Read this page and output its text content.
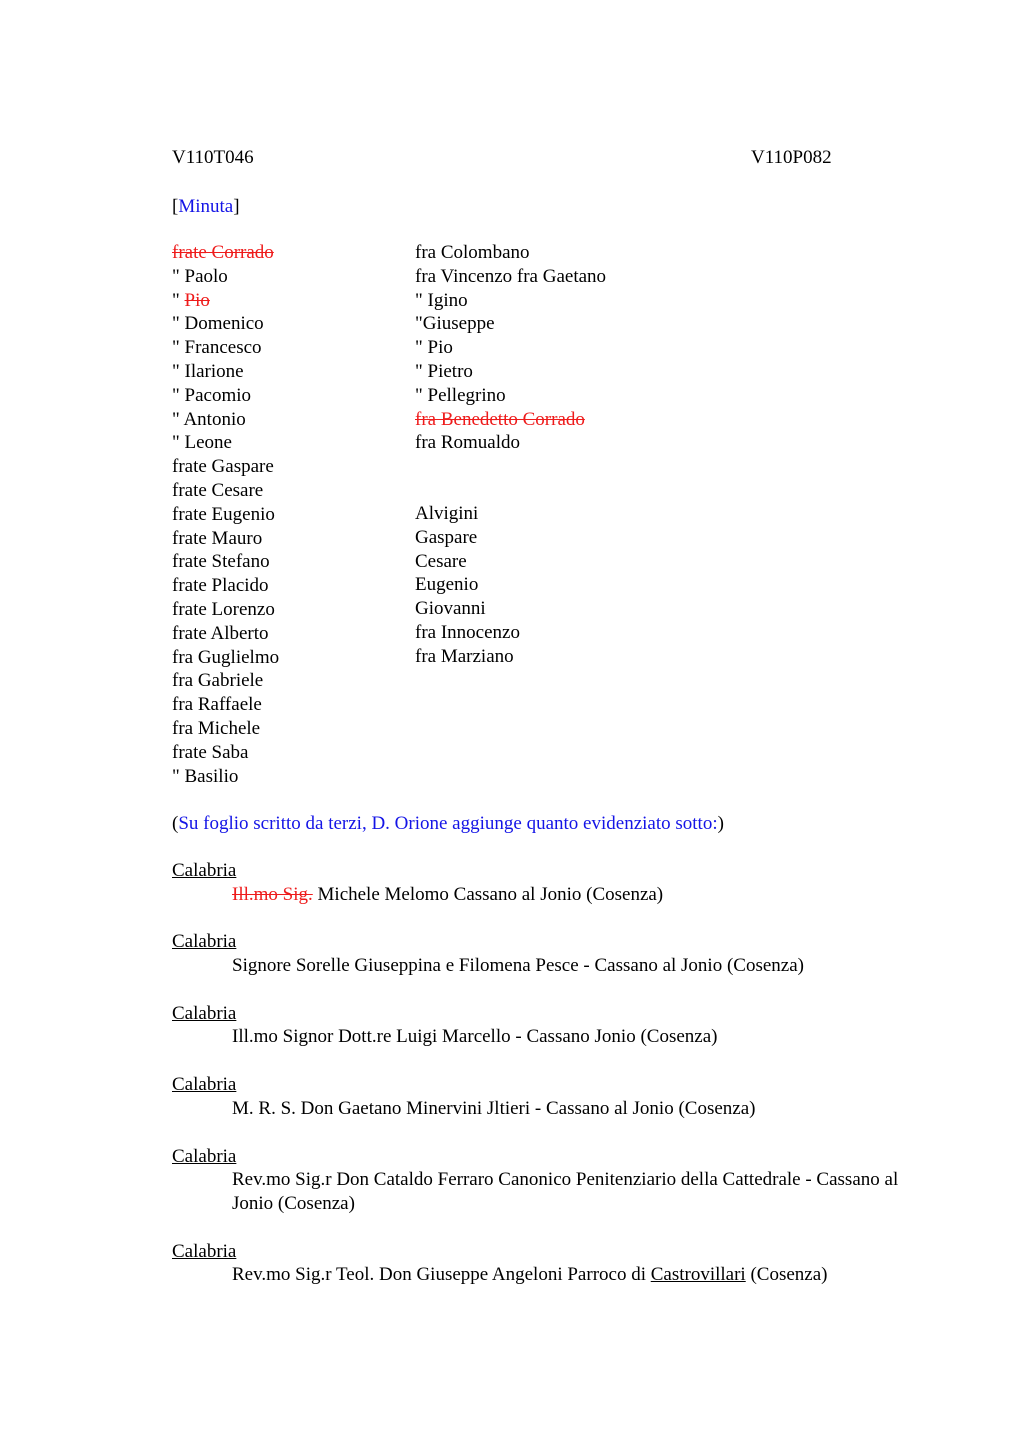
V110T046	V110P082
[Minuta]
frate Corrado
" Paolo
" Pio
" Domenico
" Francesco
" Ilarione
" Pacomio
" Antonio
" Leone
frate Gaspare
frate Cesare
frate Eugenio
frate Mauro
frate Stefano
frate Placido
frate Lorenzo
frate Alberto
fra Guglielmo
fra Gabriele
fra Raffaele
fra Michele
frate Saba
" Basilio
fra Colombano
fra Vincenzo fra Gaetano
" Igino
"Giuseppe
" Pio
" Pietro
" Pellegrino
fra Benedetto Corrado
fra Romualdo
Alvigini
Gaspare
Cesare
Eugenio
Giovanni
fra Innocenzo
fra Marziano
(Su foglio scritto da terzi, D. Orione aggiunge quanto evidenziato sotto:)
Calabria
Ill.mo Sig. Michele Melomo Cassano al Jonio (Cosenza)
Calabria
Signore Sorelle Giuseppina e Filomena Pesce - Cassano al Jonio (Cosenza)
Calabria
Ill.mo Signor Dott.re Luigi Marcello - Cassano Jonio (Cosenza)
Calabria
M. R. S. Don Gaetano Minervini Jltieri - Cassano al Jonio (Cosenza)
Calabria
Rev.mo Sig.r Don Cataldo Ferraro Canonico Penitenziario della Cattedrale - Cassano al Jonio (Cosenza)
Calabria
Rev.mo Sig.r Teol. Don Giuseppe Angeloni Parroco di Castrovillari (Cosenza)
